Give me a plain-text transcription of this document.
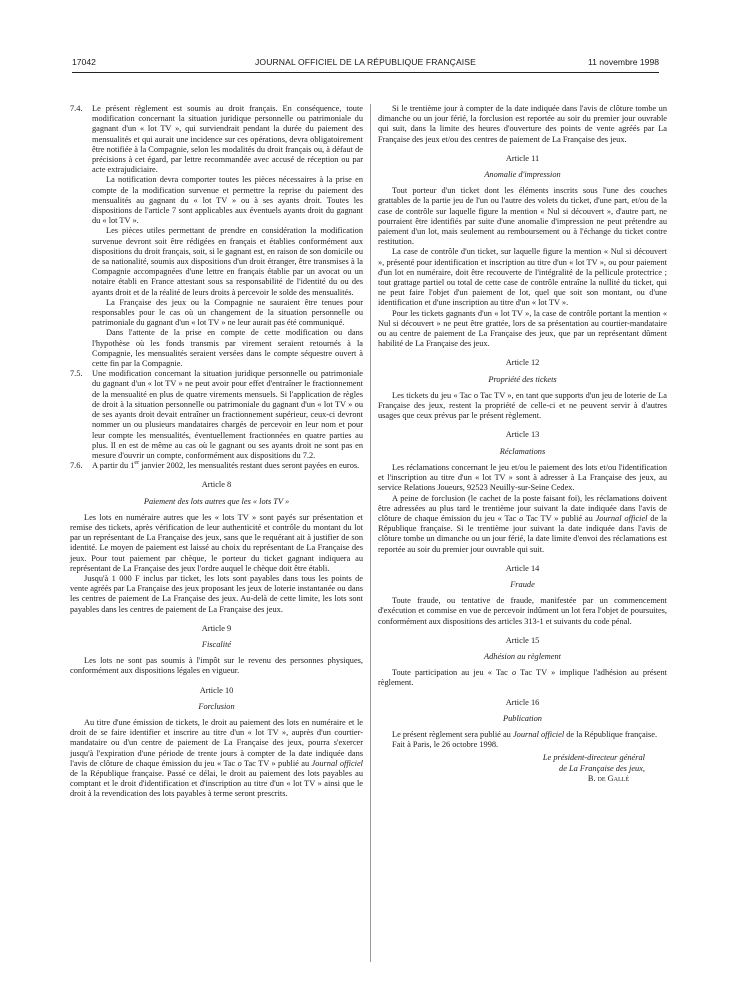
17042	JOURNAL OFFICIEL DE LA RÉPUBLIQUE FRANÇAISE	11 novembre 1998
7.4. Le présent règlement est soumis au droit français. En conséquence, toute modification concernant la situation juridique personnelle ou patrimoniale du gagnant d'un « lot TV », qui surviendrait pendant la durée du paiement des mensualités et qui aurait une incidence sur ces opérations, devra obligatoirement être notifiée à la Compagnie, selon les modalités du droit français ou, à défaut de précisions à cet égard, par lettre recommandée avec accusé de réception ou par acte extrajudiciaire.

La notification devra comporter toutes les pièces nécessaires à la prise en compte de la modification survenue et permettre la reprise du paiement des mensualités au gagnant du « lot TV » ou à ses ayants droit. Toutes les dispositions de l'article 7 sont applicables aux éventuels ayants droit du gagnant du « lot TV ».

Les pièces utiles permettant de prendre en considération la modification survenue devront soit être rédigées en français et établies conformément aux dispositions du droit français, soit, si le gagnant est, en raison de son domicile ou de sa nationalité, soumis aux dispositions d'un droit étranger, être transmises à la Compagnie accompagnées d'une lettre en français établie par un avocat ou un notaire établi en France attestant sous sa responsabilité de l'identité du ou des ayants droit et de la réalité de leurs droits à percevoir le solde des mensualités.

La Française des jeux ou la Compagnie ne sauraient être tenues pour responsables pour le cas où un changement de la situation personnelle ou patrimoniale du gagnant d'un « lot TV » ne leur aurait pas été communiqué.

Dans l'attente de la prise en compte de cette modification ou dans l'hypothèse où les fonds transmis par virement seraient retournés à la Compagnie, les mensualités seraient versées dans le compte séquestre ouvert à cette fin par la Compagnie.

7.5. Une modification concernant la situation juridique personnelle ou patrimoniale du gagnant d'un « lot TV » ne peut avoir pour effet d'entraîner le fractionnement de la mensualité en plus de quatre virements mensuels. Si l'application de règles de droit à la situation personnelle ou patrimoniale du gagnant d'un « lot TV » ou de ses ayants droit devait entraîner un fractionnement supérieur, ceux-ci devront nommer un ou plusieurs mandataires chargés de percevoir en leur nom et pour leur compte les mensualités, éventuellement fractionnées en quatre parties au plus. Il en est de même au cas où le gagnant ou ses ayants droit ne sont pas en mesure d'ouvrir un compte, conformément aux dispositions du 7.2.

7.6. A partir du 1er janvier 2002, les mensualités restant dues seront payées en euros.

Article 8

Paiement des lots autres que les « lots TV »

Les lots en numéraire autres que les « lots TV » sont payés sur présentation et remise des tickets, après vérification de leur authenticité et contrôle du montant du lot par un représentant de La Française des jeux, sans que le requérant ait à justifier de son identité. Le moyen de paiement est laissé au choix du représentant de La Française des jeux. Pour tout paiement par chèque, le porteur du ticket gagnant indiquera au représentant de La Française des jeux l'ordre auquel le chèque doit être établi.

Jusqu'à 1 000 F inclus par ticket, les lots sont payables dans tous les points de vente agréés par La Française des jeux proposant les jeux de loterie instantanée ou dans les centres de paiement de La Française des jeux. Au-delà de cette limite, les lots sont payables dans les centres de paiement de La Française des jeux.

Article 9

Fiscalité

Les lots ne sont pas soumis à l'impôt sur le revenu des personnes physiques, conformément aux dispositions légales en vigueur.

Article 10

Forclusion

Au titre d'une émission de tickets, le droit au paiement des lots en numéraire et le droit de se faire identifier et inscrire au titre d'un « lot TV », auprès d'un courtier-mandataire ou d'un centre de paiement de La Française des jeux, pourra s'exercer jusqu'à l'expiration d'une période de trente jours à compter de la date indiquée dans l'avis de clôture de chaque émission du jeu « Tac o Tac TV » publié au Journal officiel de la République française. Passé ce délai, le droit au paiement des lots payables au comptant et le droit d'identification et d'inscription au titre d'un « lot TV » ainsi que le droit à la revendication des lots payables à terme seront prescrits.

Si le trentième jour à compter de la date indiquée dans l'avis de clôture tombe un dimanche ou un jour férié, la forclusion est reportée au soir du premier jour ouvrable qui suit, dans la limite des heures d'ouverture des points de vente agréés par La Française des jeux et/ou des centres de paiement de La Française des jeux.

Article 11

Anomalie d'impression

Tout porteur d'un ticket dont les éléments inscrits sous l'une des couches grattables de la partie jeu de l'un ou l'autre des volets du ticket, d'une part, et/ou de la case de contrôle sur laquelle figure la mention « Nul si découvert », d'autre part, ne pourraient être identifiés par suite d'une anomalie d'impression ne peut prétendre au paiement d'un lot, mais seulement au remboursement ou à l'échange du ticket contre restitution.

La case de contrôle d'un ticket, sur laquelle figure la mention « Nul si découvert », présenté pour identification et inscription au titre d'un « lot TV », ou pour paiement d'un lot en numéraire, doit être recouverte de l'intégralité de la pellicule protectrice ; tout grattage partiel ou total de cette case de contrôle entraîne la nullité du ticket, qui ne peut faire l'objet d'un paiement de lot, quel que soit son montant, ou d'une identification et d'une inscription au titre d'un « lot TV ».

Pour les tickets gagnants d'un « lot TV », la case de contrôle portant la mention « Nul si découvert » ne peut être grattée, lors de sa présentation au courtier-mandataire ou au centre de paiement de La Française des jeux, que par un représentant dûment habilité de La Française des jeux.

Article 12

Propriété des tickets

Les tickets du jeu « Tac o Tac TV », en tant que supports d'un jeu de loterie de La Française des jeux, restent la propriété de celle-ci et ne peuvent servir à d'autres usages que ceux prévus par le présent règlement.

Article 13

Réclamations

Les réclamations concernant le jeu et/ou le paiement des lots et/ou l'identification et l'inscription au titre d'un « lot TV » sont à adresser à La Française des jeux, au service Relations Joueurs, 92523 Neuilly-sur-Seine Cedex.

A peine de forclusion (le cachet de la poste faisant foi), les réclamations doivent être adressées au plus tard le trentième jour suivant la date indiquée dans l'avis de clôture de chaque émission du jeu « Tac o Tac TV » publié au Journal officiel de la République française. Si le trentième jour suivant la date indiquée dans l'avis de clôture tombe un dimanche ou un jour férié, la date limite d'envoi des réclamations est reportée au soir du premier jour ouvrable qui suit.

Article 14

Fraude

Toute fraude, ou tentative de fraude, manifestée par un commencement d'exécution et commise en vue de percevoir indûment un lot fera l'objet de poursuites, conformément aux dispositions des articles 313-1 et suivants du code pénal.

Article 15

Adhésion au règlement

Toute participation au jeu « Tac o Tac TV » implique l'adhésion au présent règlement.

Article 16

Publication

Le présent règlement sera publié au Journal officiel de la République française.

Fait à Paris, le 26 octobre 1998.

Le président-directeur général

de La Française des jeux,

B. de Gallé
